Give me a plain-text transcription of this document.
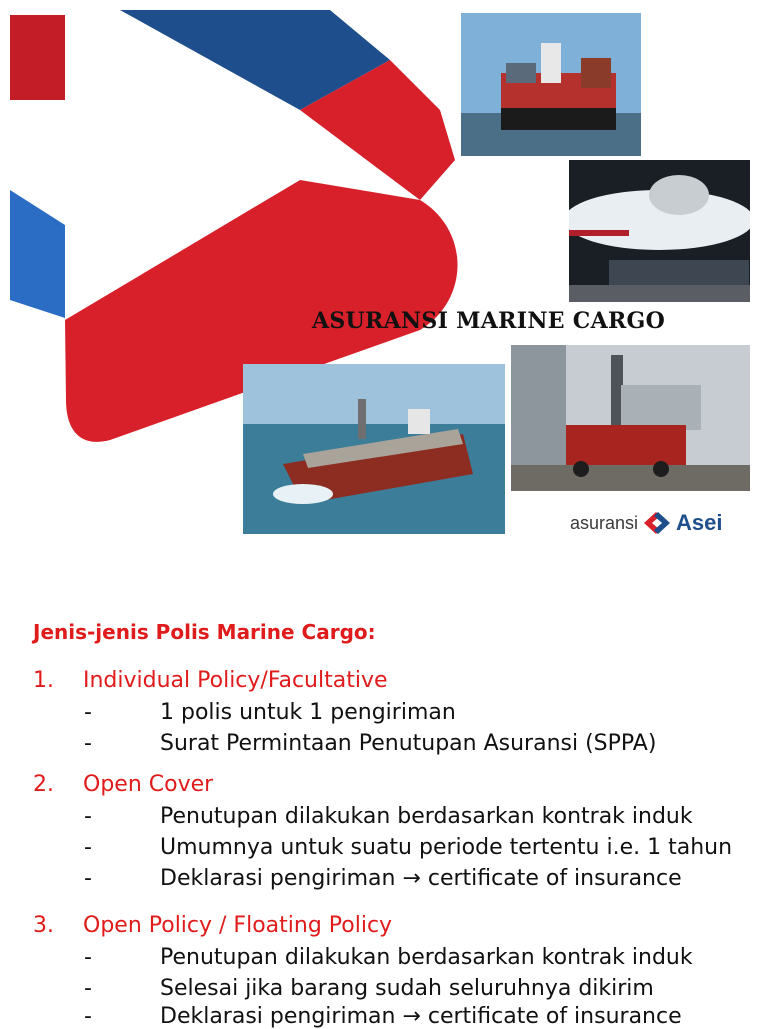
ASURANSI MARINE CARGO
asuransi Asei
Jenis-jenis Polis Marine Cargo:
1. Individual Policy/Facultative
-	1 polis untuk 1 pengiriman
-	Surat Permintaan Penutupan Asuransi (SPPA)
2. Open Cover
-	Penutupan dilakukan berdasarkan kontrak induk
-	Umumnya untuk suatu periode tertentu i.e. 1 tahun
-	Deklarasi pengiriman → certificate of insurance
3. Open Policy / Floating Policy
-	Penutupan dilakukan berdasarkan kontrak induk
-	Selesai jika barang sudah seluruhnya dikirim
-	Deklarasi pengiriman → certificate of insurance
